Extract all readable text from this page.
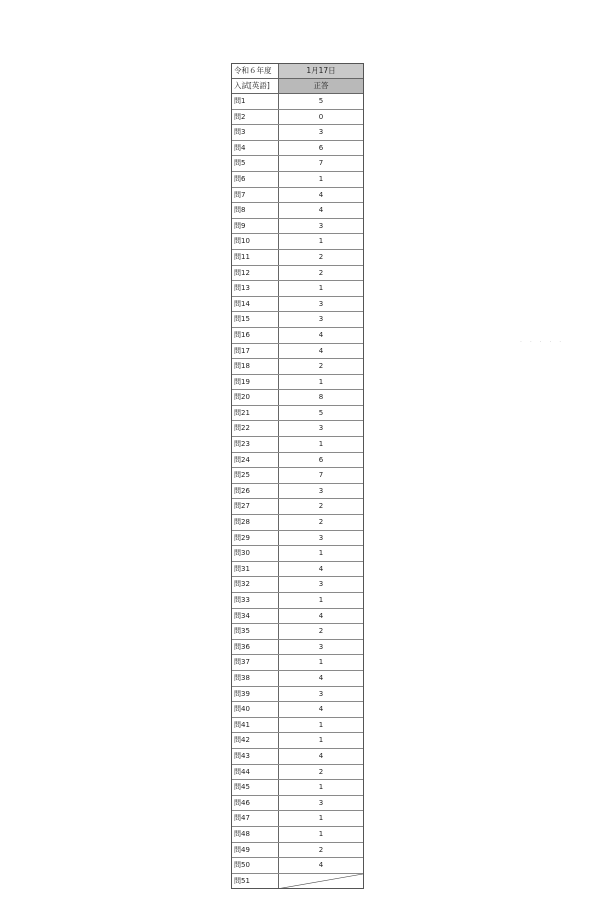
令和６年度	1月17日
入試[英語]	正答
問1	5
問2	0
問3	3
問4	6
問5	7
問6	1
問7	4
問8	4
問9	3
問10	1
問11	2
問12	2
問13	1
問14	3
問15	3
問16	4
問17	4
問18	2
問19	1
問20	8
問21	5
問22	3
問23	1
問24	6
問25	7
問26	3
問27	2
問28	2
問29	3
問30	1
問31	4
問32	3
問33	1
問34	4
問35	2
問36	3
問37	1
問38	4
問39	3
問40	4
問41	1
問42	1
問43	4
問44	2
問45	1
問46	3
問47	1
問48	1
問49	2
問50	4
問51
· · · · ·
